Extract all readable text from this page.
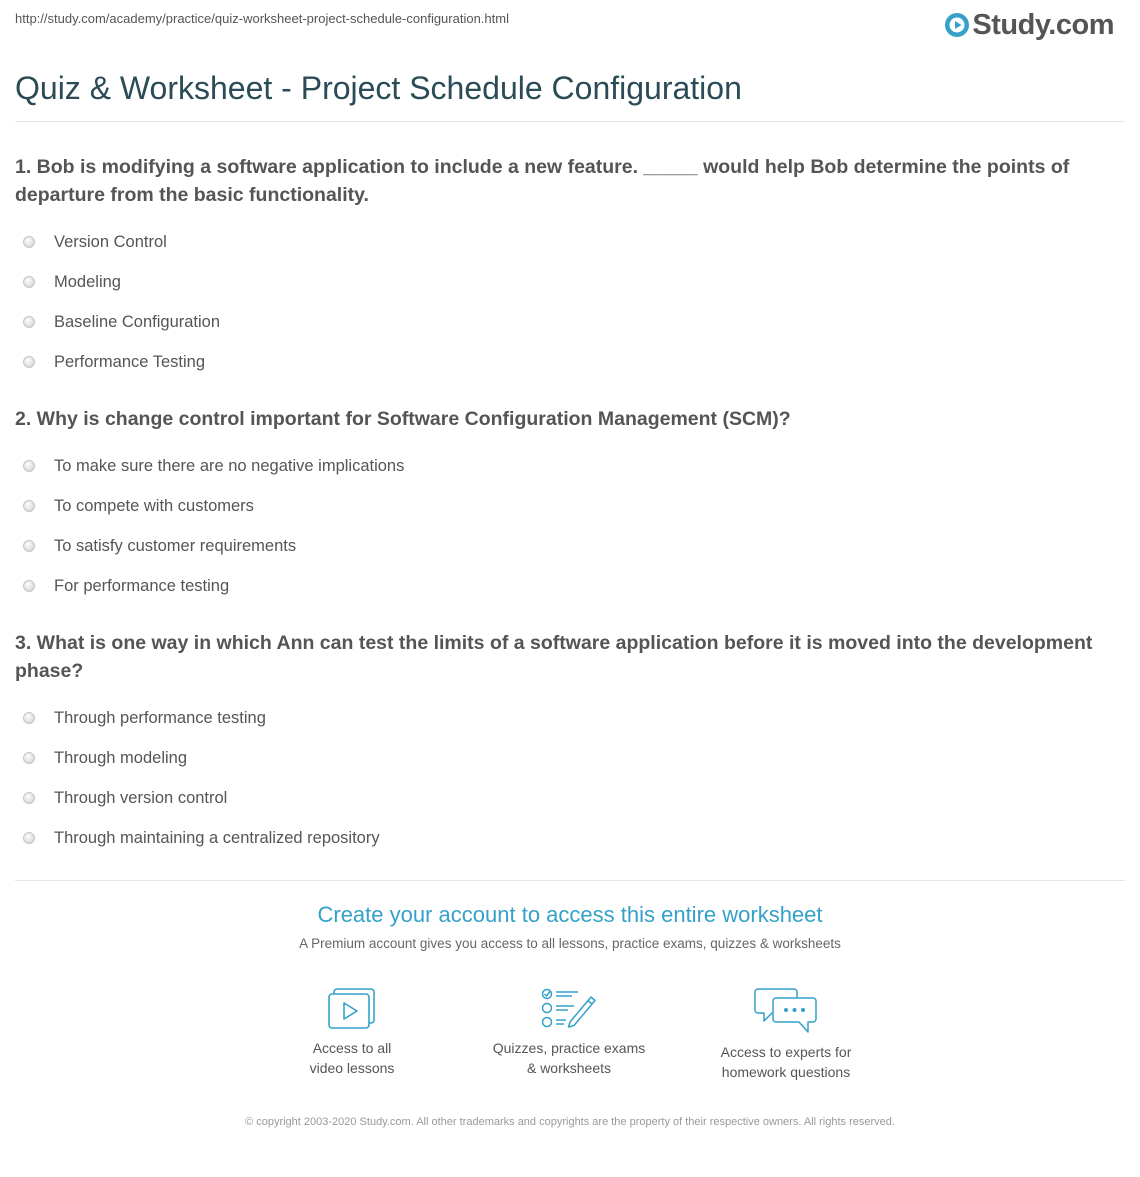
http://study.com/academy/practice/quiz-worksheet-project-schedule-configuration.html	Study.com
Quiz & Worksheet - Project Schedule Configuration

1. Bob is modifying a software application to include a new feature. _____ would help Bob determine the points of departure from the basic functionality.

Version Control
Modeling
Baseline Configuration
Performance Testing

2. Why is change control important for Software Configuration Management (SCM)?

To make sure there are no negative implications
To compete with customers
To satisfy customer requirements
For performance testing

3. What is one way in which Ann can test the limits of a software application before it is moved into the development phase?

Through performance testing
Through modeling
Through version control
Through maintaining a centralized repository

Create your account to access this entire worksheet

A Premium account gives you access to all lessons, practice exams, quizzes & worksheets
Access to all
video lessons
Quizzes, practice exams
& worksheets
Access to experts for
homework questions
© copyright 2003-2020 Study.com. All other trademarks and copyrights are the property of their respective owners. All rights reserved.
